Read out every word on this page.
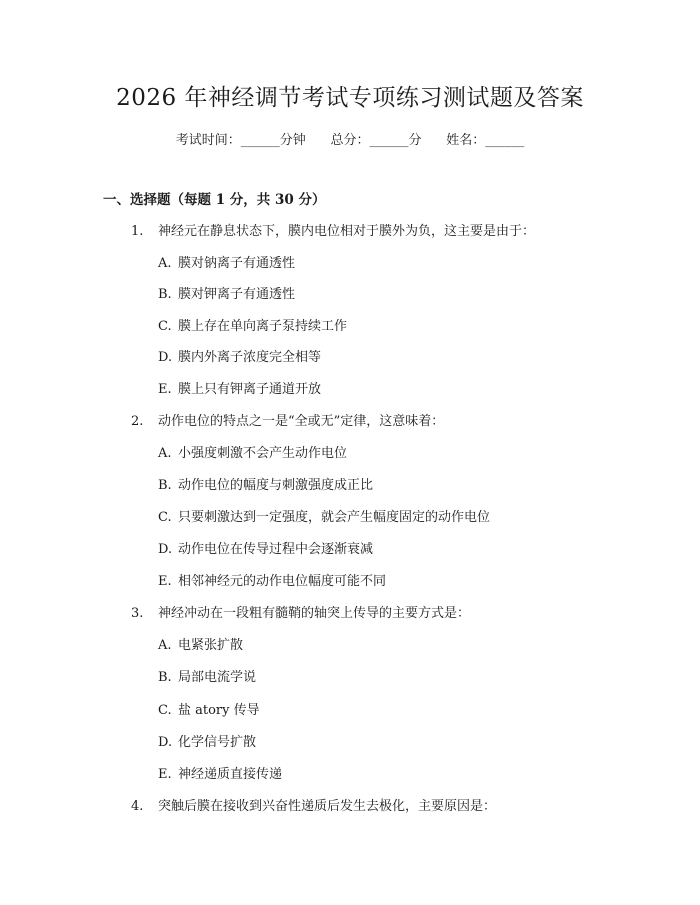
2026 年神经调节考试专项练习测试题及答案
考试时间：______分钟      总分：______分      姓名：______
一、选择题（每题 1 分，共 30 分）
1. 神经元在静息状态下，膜内电位相对于膜外为负，这主要是由于：
A. 膜对钠离子有通透性
B. 膜对钾离子有通透性
C. 膜上存在单向离子泵持续工作
D. 膜内外离子浓度完全相等
E. 膜上只有钾离子通道开放
2. 动作电位的特点之一是“全或无”定律，这意味着：
A. 小强度刺激不会产生动作电位
B. 动作电位的幅度与刺激强度成正比
C. 只要刺激达到一定强度，就会产生幅度固定的动作电位
D. 动作电位在传导过程中会逐渐衰减
E. 相邻神经元的动作电位幅度可能不同
3. 神经冲动在一段粗有髓鞘的轴突上传导的主要方式是：
A. 电紧张扩散
B. 局部电流学说
C. 盐 atory 传导
D. 化学信号扩散
E. 神经递质直接传递
4. 突触后膜在接收到兴奋性递质后发生去极化，主要原因是：
